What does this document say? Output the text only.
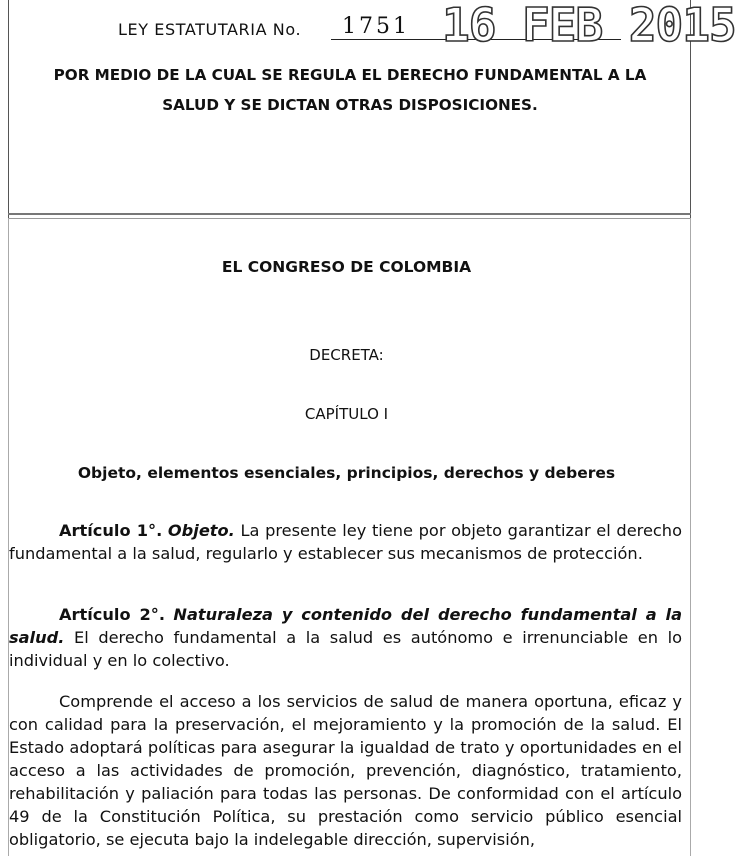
LEY ESTATUTARIA No. 1751 16 FEB 2015
POR MEDIO DE LA CUAL SE REGULA EL DERECHO FUNDAMENTAL A LA
SALUD Y SE DICTAN OTRAS DISPOSICIONES.
EL CONGRESO DE COLOMBIA
DECRETA:
CAPÍTULO I
Objeto, elementos esenciales, principios, derechos y deberes
Artículo 1°. Objeto. La presente ley tiene por objeto garantizar el derecho fundamental a la salud, regularlo y establecer sus mecanismos de protección.
Artículo 2°. Naturaleza y contenido del derecho fundamental a la salud. El derecho fundamental a la salud es autónomo e irrenunciable en lo individual y en lo colectivo.
Comprende el acceso a los servicios de salud de manera oportuna, eficaz y con calidad para la preservación, el mejoramiento y la promoción de la salud. El Estado adoptará políticas para asegurar la igualdad de trato y oportunidades en el acceso a las actividades de promoción, prevención, diagnóstico, tratamiento, rehabilitación y paliación para todas las personas. De conformidad con el artículo 49 de la Constitución Política, su prestación como servicio público esencial obligatorio, se ejecuta bajo la indelegable dirección, supervisión,
